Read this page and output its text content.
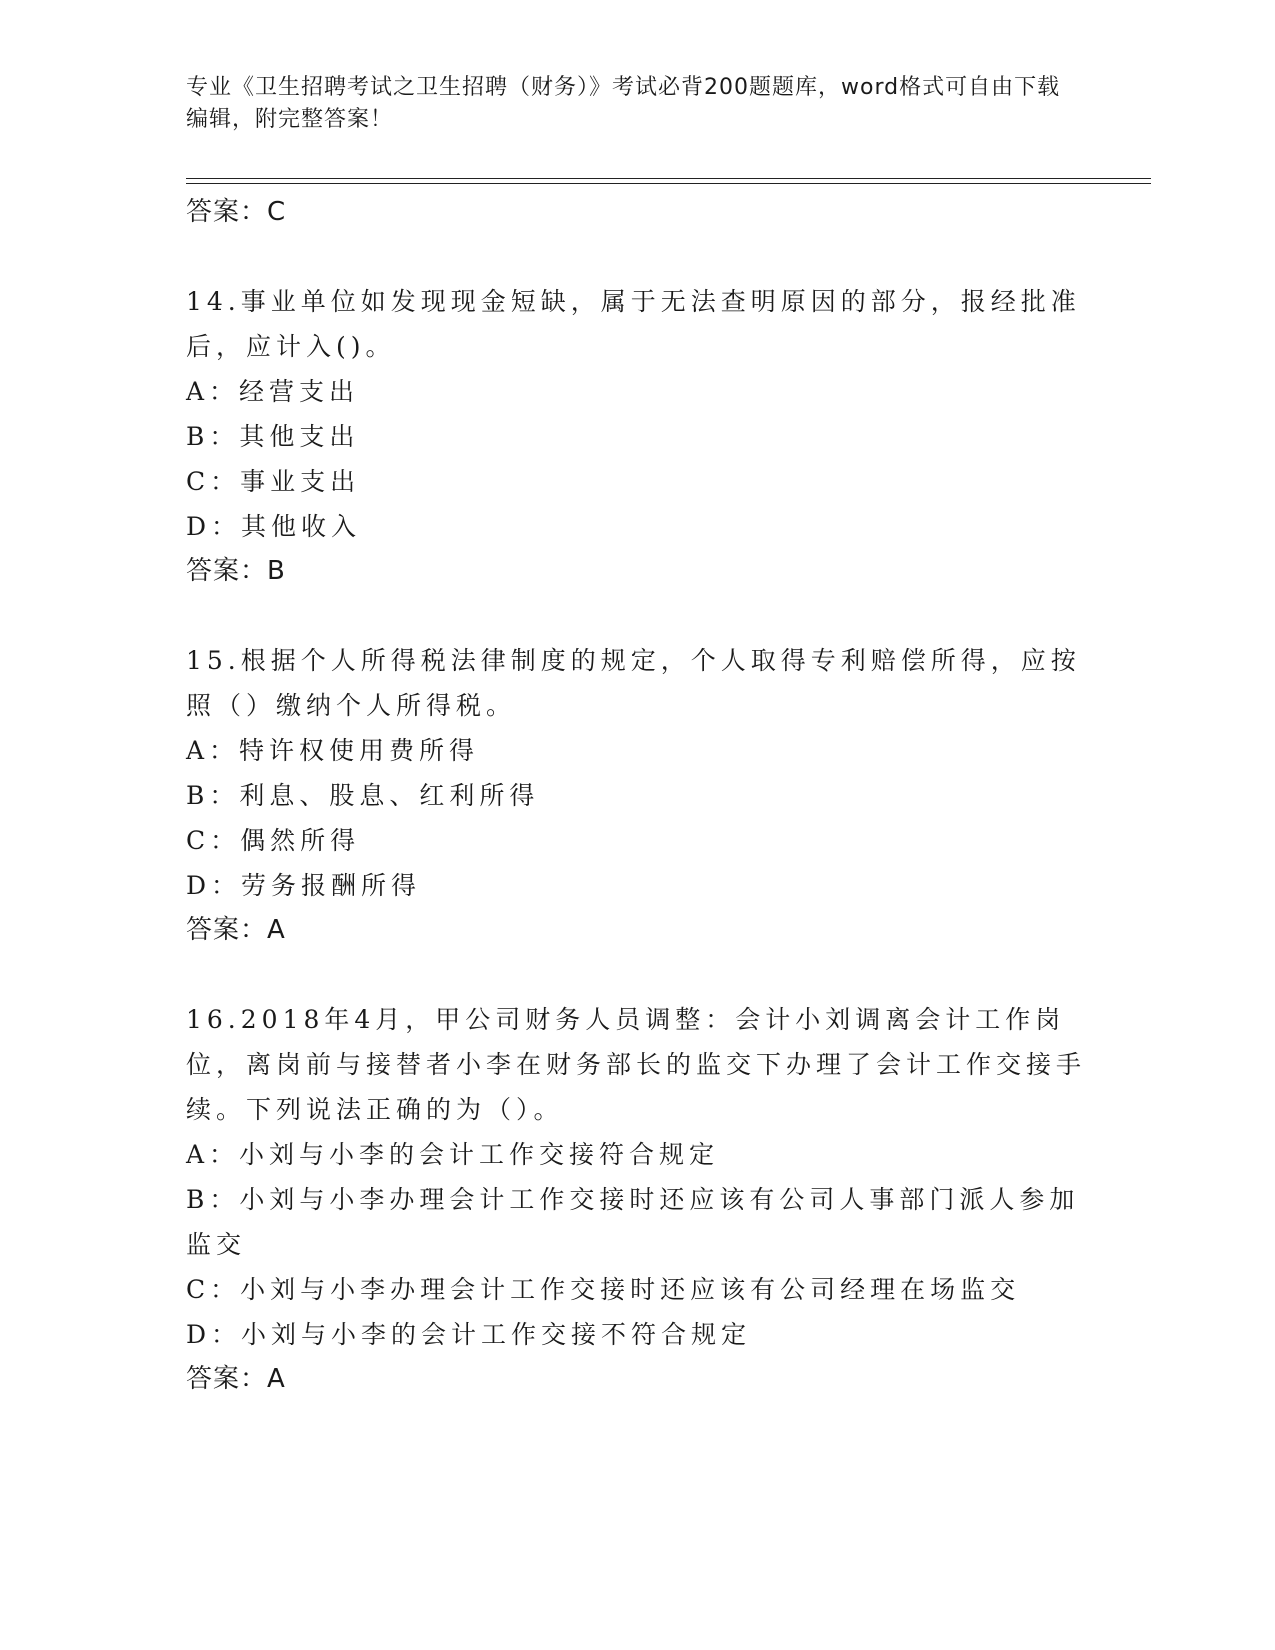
专业《卫生招聘考试之卫生招聘（财务）》考试必背200题题库，word格式可自由下载编辑，附完整答案！
答案：C
14.事业单位如发现现金短缺，属于无法查明原因的部分，报经批准后，应计入()。
A：经营支出
B：其他支出
C：事业支出
D：其他收入
答案：B
15.根据个人所得税法律制度的规定，个人取得专利赔偿所得，应按照（）缴纳个人所得税。
A：特许权使用费所得
B：利息、股息、红利所得
C：偶然所得
D：劳务报酬所得
答案：A
16.2018年4月，甲公司财务人员调整：会计小刘调离会计工作岗位，离岗前与接替者小李在财务部长的监交下办理了会计工作交接手续。下列说法正确的为（）。
A：小刘与小李的会计工作交接符合规定
B：小刘与小李办理会计工作交接时还应该有公司人事部门派人参加监交
C：小刘与小李办理会计工作交接时还应该有公司经理在场监交
D：小刘与小李的会计工作交接不符合规定
答案：A
